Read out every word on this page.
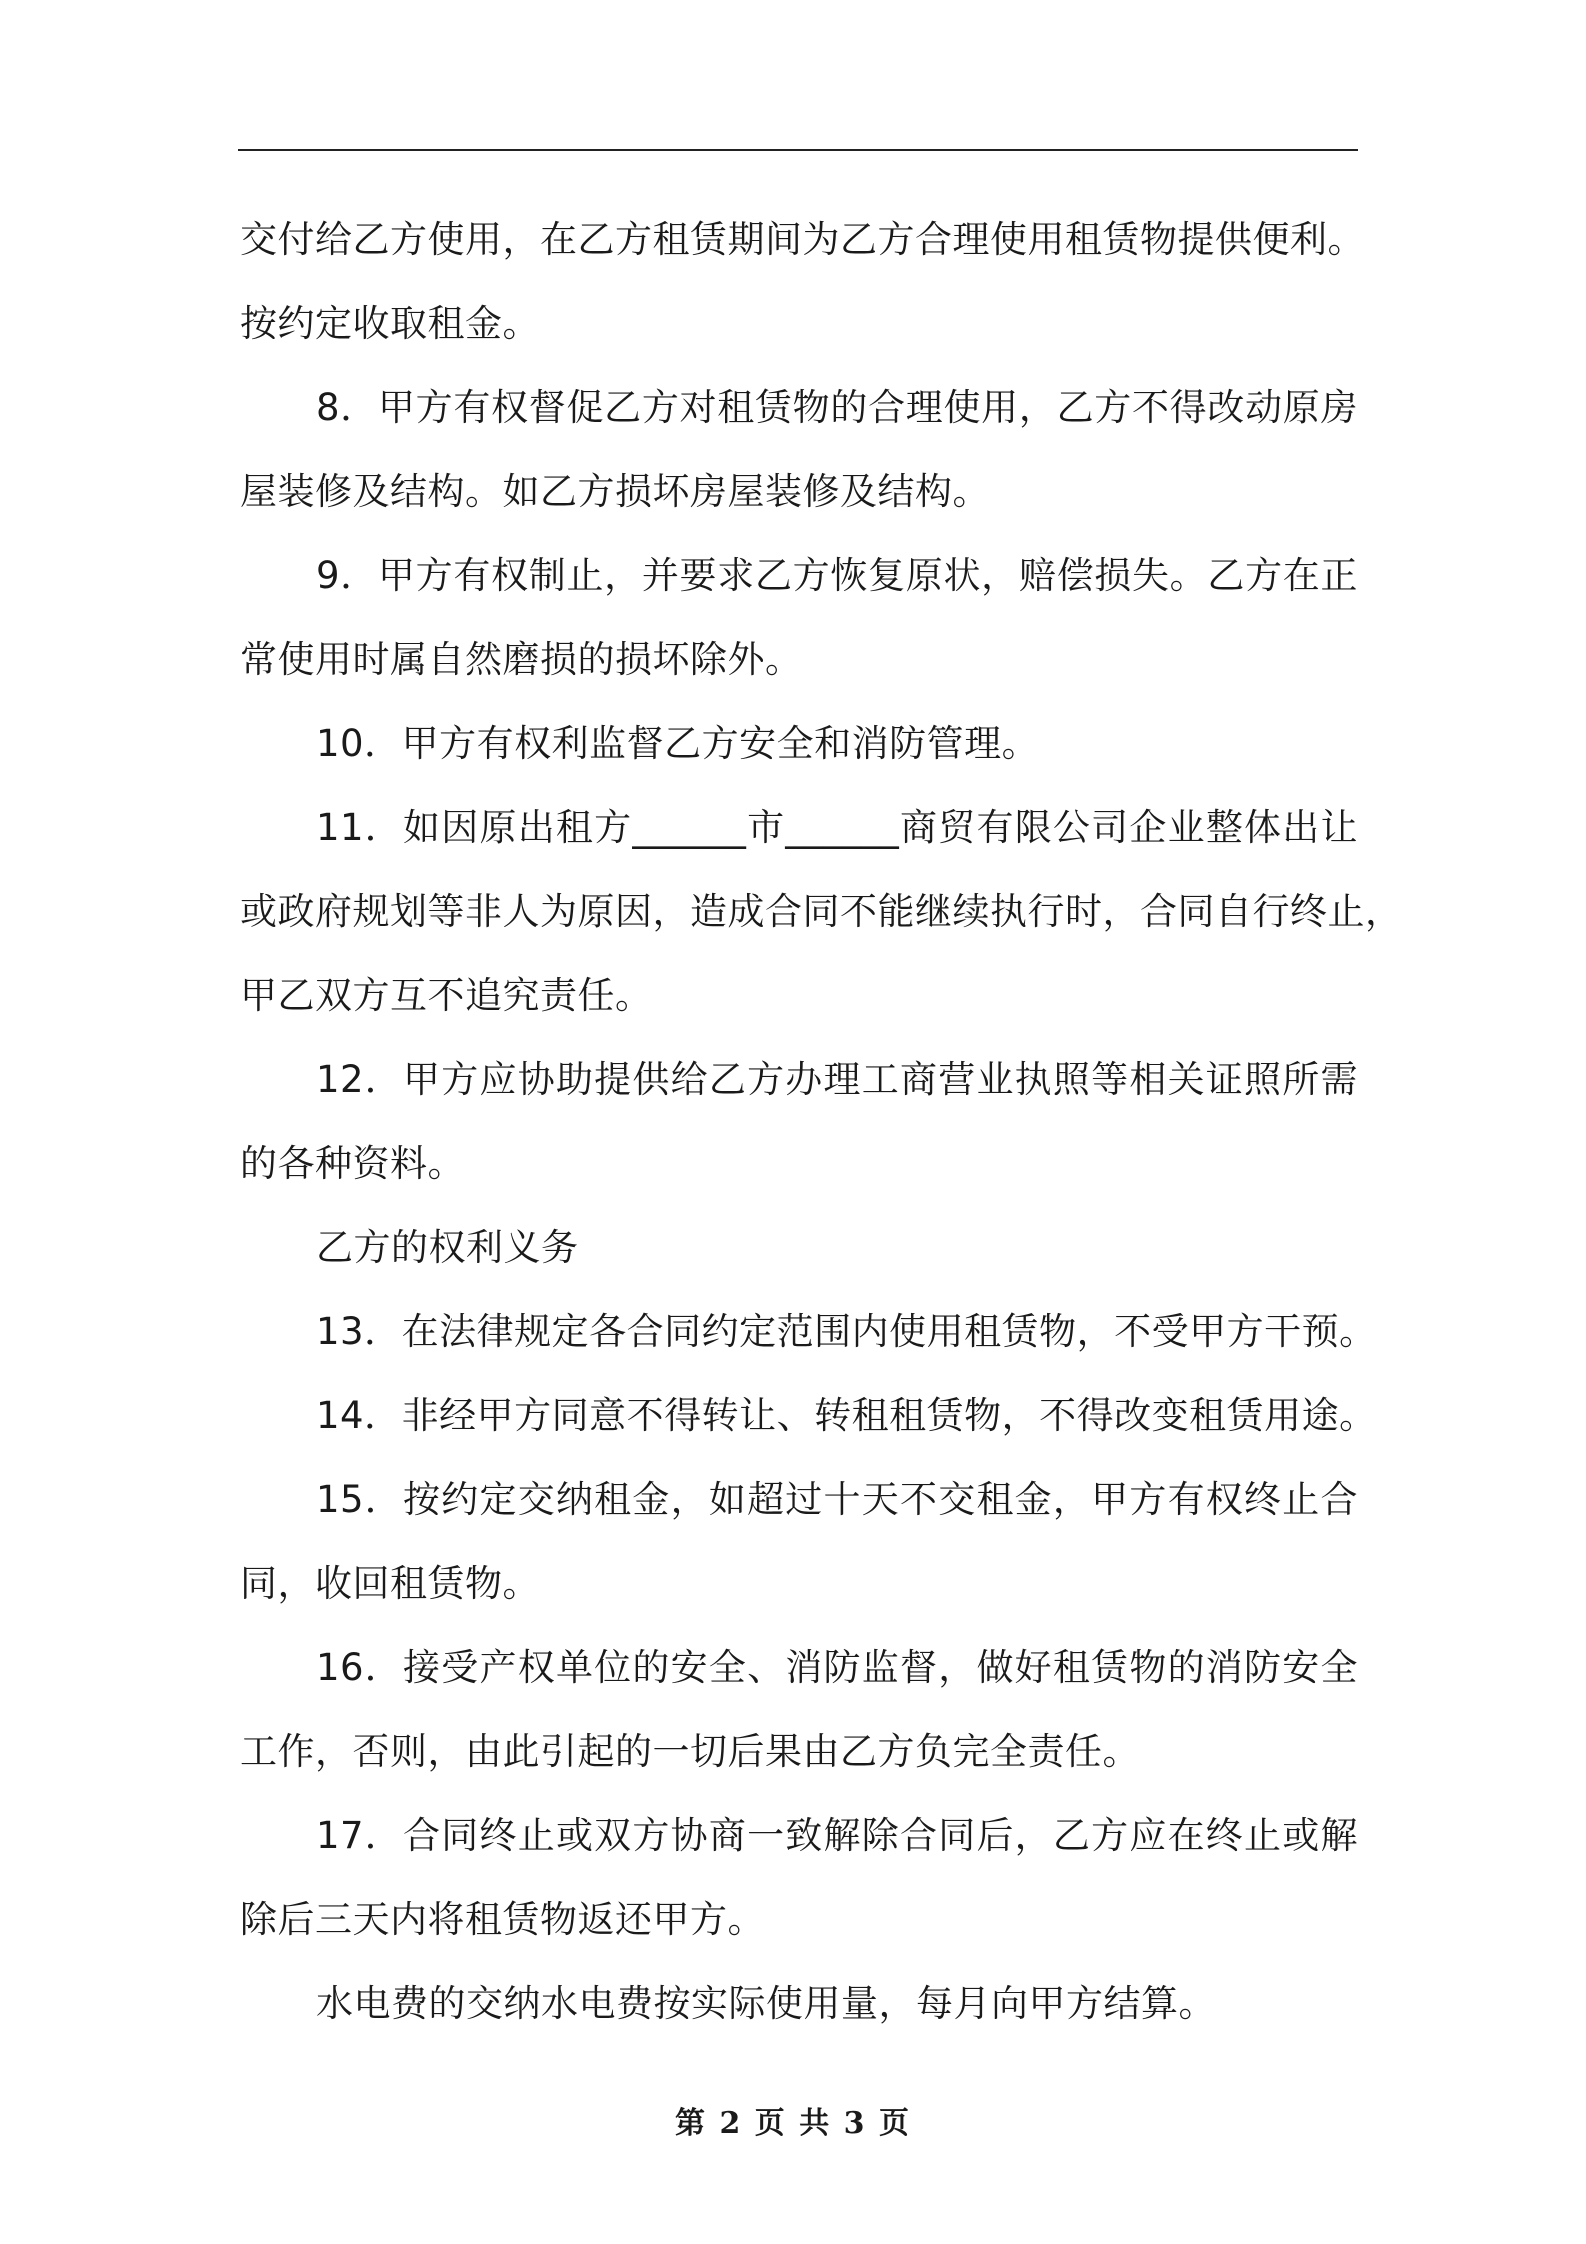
交付给乙方使用，在乙方租赁期间为乙方合理使用租赁物提供便利。
按约定收取租金。
8．甲方有权督促乙方对租赁物的合理使用，乙方不得改动原房
屋装修及结构。如乙方损坏房屋装修及结构。
9．甲方有权制止，并要求乙方恢复原状，赔偿损失。乙方在正
常使用时属自然磨损的损坏除外。
10．甲方有权利监督乙方安全和消防管理。
11．如因原出租方______市______商贸有限公司企业整体出让
或政府规划等非人为原因，造成合同不能继续执行时，合同自行终止，
甲乙双方互不追究责任。
12．甲方应协助提供给乙方办理工商营业执照等相关证照所需
的各种资料。
乙方的权利义务
13．在法律规定各合同约定范围内使用租赁物，不受甲方干预。
14．非经甲方同意不得转让、转租租赁物，不得改变租赁用途。
15．按约定交纳租金，如超过十天不交租金，甲方有权终止合
同，收回租赁物。
16．接受产权单位的安全、消防监督，做好租赁物的消防安全
工作，否则，由此引起的一切后果由乙方负完全责任。
17．合同终止或双方协商一致解除合同后，乙方应在终止或解
除后三天内将租赁物返还甲方。
水电费的交纳水电费按实际使用量，每月向甲方结算。
第 2 页 共 3 页
